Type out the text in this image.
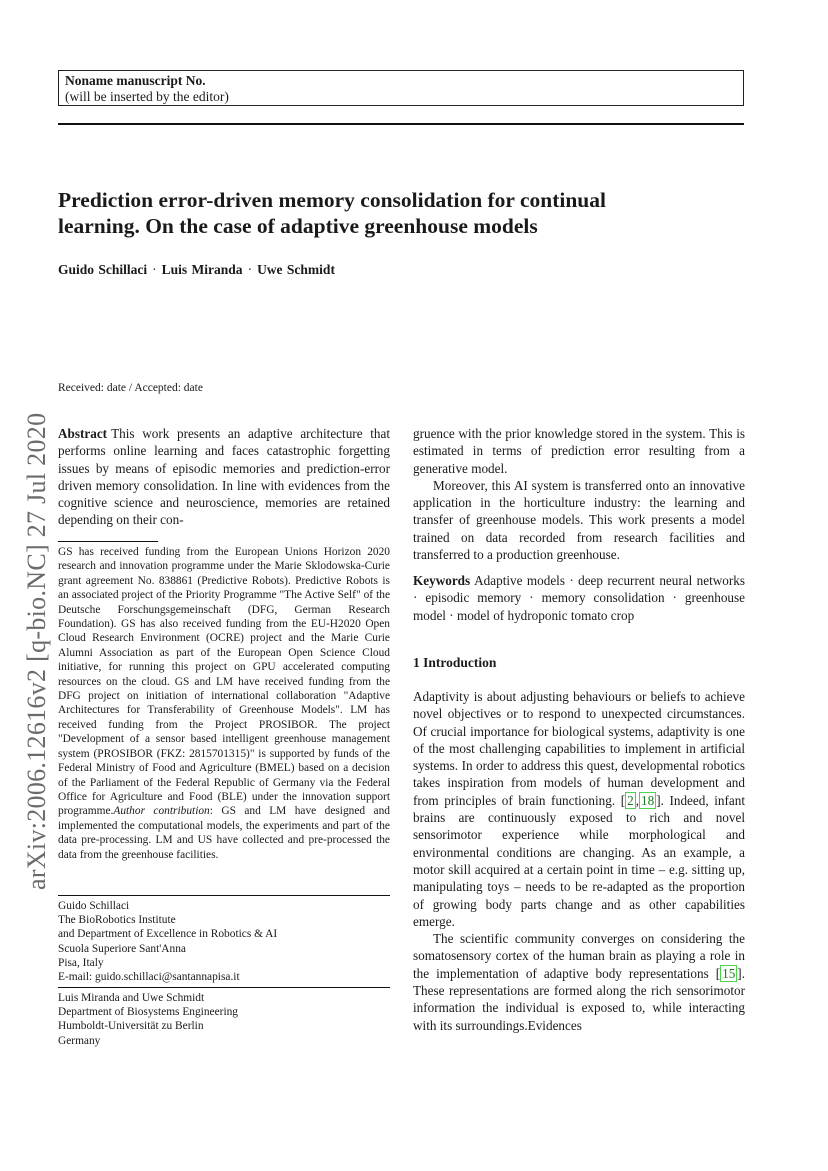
Noname manuscript No.
(will be inserted by the editor)
Prediction error-driven memory consolidation for continual
learning. On the case of adaptive greenhouse models
Guido Schillaci · Luis Miranda · Uwe Schmidt
arXiv:2006.12616v2 [q-bio.NC] 27 Jul 2020
Received: date / Accepted: date
Abstract This work presents an adaptive architecture that performs online learning and faces catastrophic forgetting issues by means of episodic memories and prediction-error driven memory consolidation. In line with evidences from the cognitive science and neuroscience, memories are retained depending on their con-
GS has received funding from the European Unions Horizon 2020 research and innovation programme under the Marie Sklodowska-Curie grant agreement No. 838861 (Predictive Robots). Predictive Robots is an associated project of the Priority Programme "The Active Self" of the Deutsche Forschungsgemeinschaft (DFG, German Research Foundation). GS has also received funding from the EU-H2020 Open Cloud Research Environment (OCRE) project and the Marie Curie Alumni Association as part of the European Open Science Cloud initiative, for running this project on GPU accelerated computing resources on the cloud. GS and LM have received funding from the DFG project on initiation of international collaboration "Adaptive Architectures for Transferability of Greenhouse Models". LM has received funding from the Project PROSIBOR. The project "Development of a sensor based intelligent greenhouse management system (PROSIBOR (FKZ: 2815701315)" is supported by funds of the Federal Ministry of Food and Agriculture (BMEL) based on a decision of the Parliament of the Federal Republic of Germany via the Federal Office for Agriculture and Food (BLE) under the innovation support programme.Author contribution: GS and LM have designed and implemented the computational models, the experiments and part of the data pre-processing. LM and US have collected and pre-processed the data from the greenhouse facilities.
Guido Schillaci
The BioRobotics Institute
and Department of Excellence in Robotics & AI
Scuola Superiore Sant'Anna
Pisa, Italy
E-mail: guido.schillaci@santannapisa.it
Luis Miranda and Uwe Schmidt
Department of Biosystems Engineering
Humboldt-Universität zu Berlin
Germany
gruence with the prior knowledge stored in the system. This is estimated in terms of prediction error resulting from a generative model.
Moreover, this AI system is transferred onto an innovative application in the horticulture industry: the learning and transfer of greenhouse models. This work presents a model trained on data recorded from research facilities and transferred to a production greenhouse.
Keywords Adaptive models · deep recurrent neural networks · episodic memory · memory consolidation · greenhouse model · model of hydroponic tomato crop
1 Introduction
Adaptivity is about adjusting behaviours or beliefs to achieve novel objectives or to respond to unexpected circumstances. Of crucial importance for biological systems, adaptivity is one of the most challenging capabilities to implement in artificial systems. In order to address this quest, developmental robotics takes inspiration from models of human development and from principles of brain functioning. [ 2 , 18 ]. Indeed, infant brains are continuously exposed to rich and novel sensorimotor experience while morphological and environmental conditions are changing. As an example, a motor skill acquired at a certain point in time – e.g. sitting up, manipulating toys – needs to be re-adapted as the proportion of growing body parts change and as other capabilities emerge.
The scientific community converges on considering the somatosensory cortex of the human brain as playing a role in the implementation of adaptive body representations [ 15 ]. These representations are formed along the rich sensorimotor information the individual is exposed to, while interacting with its surroundings.Evidences
